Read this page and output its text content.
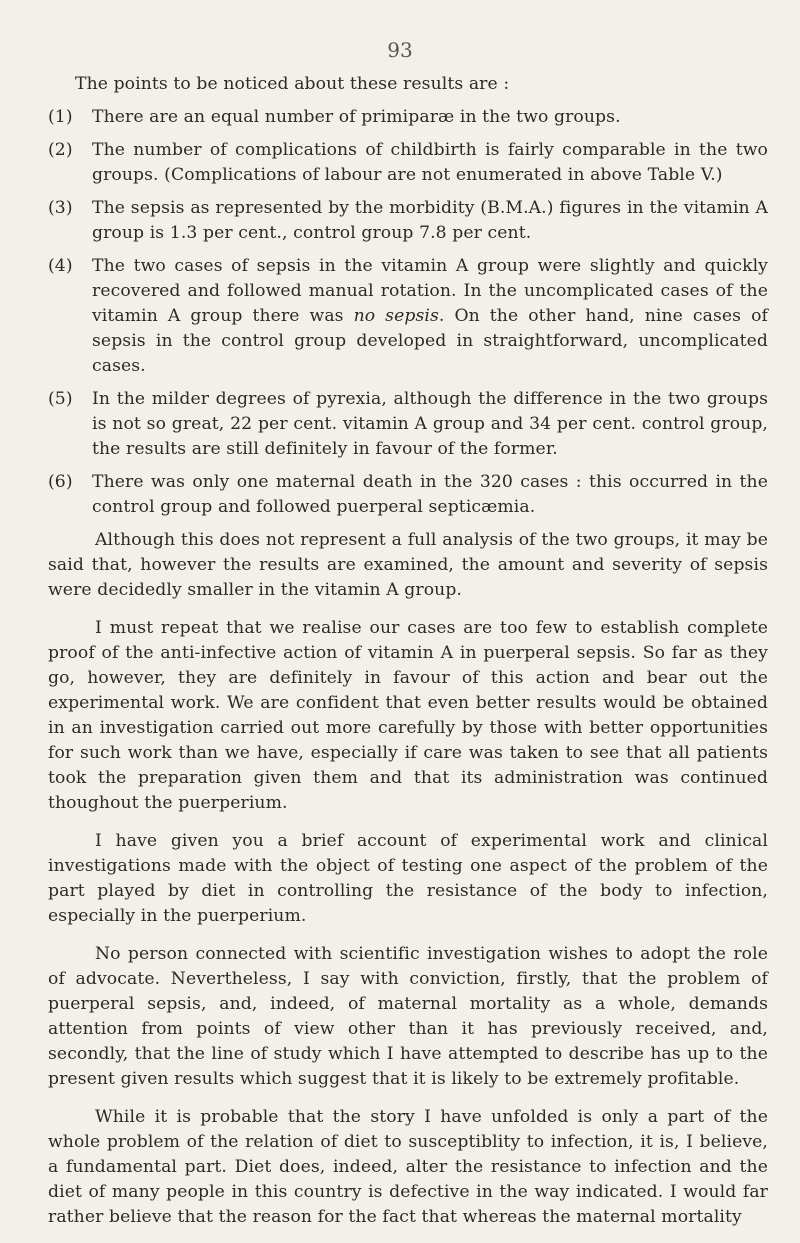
93

The points to be noticed about these results are :

(1) There are an equal number of primiparæ in the two groups.
(2) The number of complications of childbirth is fairly comparable in the two groups. (Complications of labour are not enumerated in above Table V.)
(3) The sepsis as represented by the morbidity (B.M.A.) figures in the vitamin A group is 1.3 per cent., control group 7.8 per cent.
(4) The two cases of sepsis in the vitamin A group were slightly and quickly recovered and followed manual rotation. In the uncomplicated cases of the vitamin A group there was no sepsis. On the other hand, nine cases of sepsis in the control group developed in straightforward, uncomplicated cases.
(5) In the milder degrees of pyrexia, although the difference in the two groups is not so great, 22 per cent. vitamin A group and 34 per cent. control group, the results are still definitely in favour of the former.
(6) There was only one maternal death in the 320 cases : this occurred in the control group and followed puerperal septicæmia.

Although this does not represent a full analysis of the two groups, it may be said that, however the results are examined, the amount and severity of sepsis were decidedly smaller in the vitamin A group.

I must repeat that we realise our cases are too few to establish complete proof of the anti-infective action of vitamin A in puerperal sepsis. So far as they go, however, they are definitely in favour of this action and bear out the experimental work. We are confident that even better results would be obtained in an investigation carried out more carefully by those with better opportunities for such work than we have, especially if care was taken to see that all patients took the preparation given them and that its administration was continued thoughout the puerperium.

I have given you a brief account of experimental work and clinical investigations made with the object of testing one aspect of the problem of the part played by diet in controlling the resistance of the body to infection, especially in the puerperium.

No person connected with scientific investigation wishes to adopt the role of advocate. Nevertheless, I say with conviction, firstly, that the problem of puerperal sepsis, and, indeed, of maternal mortality as a whole, demands attention from points of view other than it has previously received, and, secondly, that the line of study which I have attempted to describe has up to the present given results which suggest that it is likely to be extremely profitable.

While it is probable that the story I have unfolded is only a part of the whole problem of the relation of diet to susceptiblity to infection, it is, I believe, a fundamental part. Diet does, indeed, alter the resistance to infection and the diet of many people in this country is defective in the way indicated. I would far rather believe that the reason for the fact that whereas the maternal mortality
